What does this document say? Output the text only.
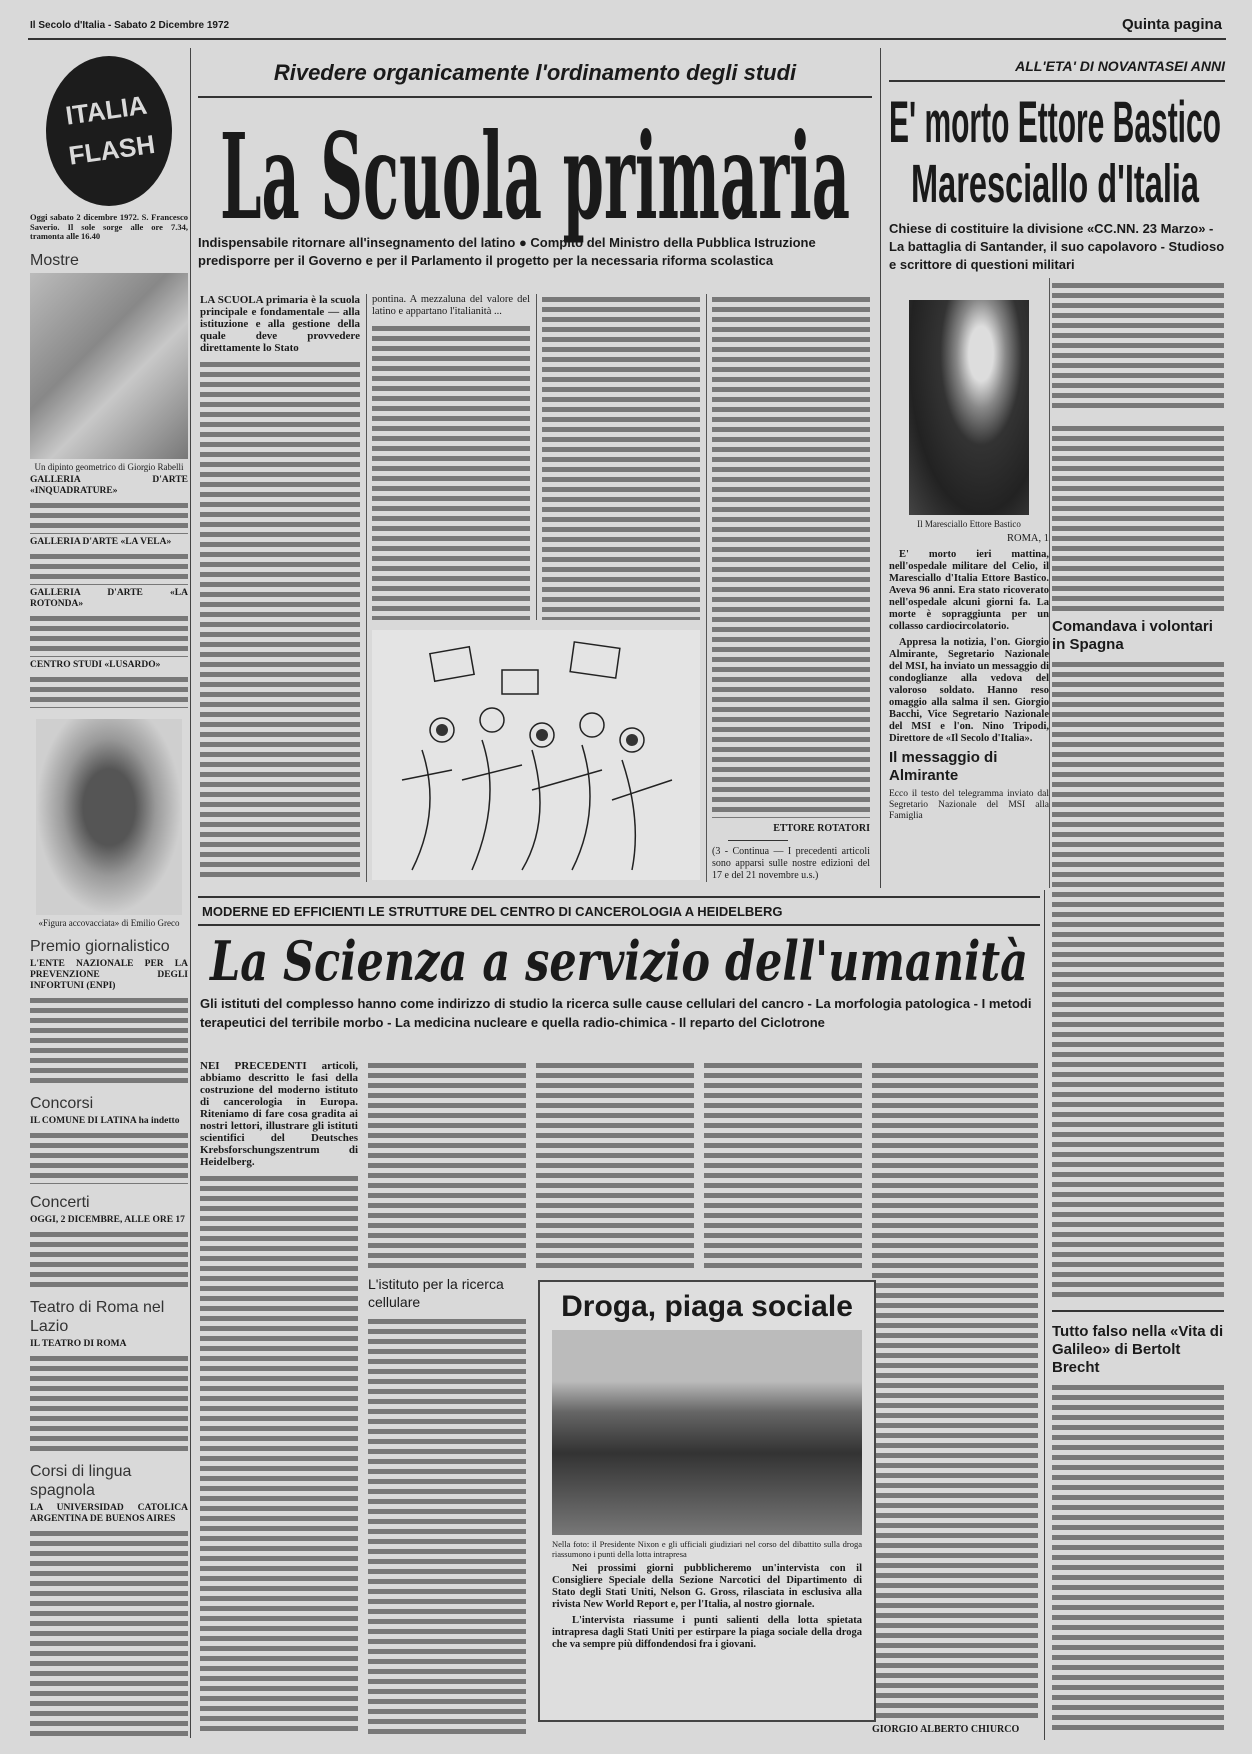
Il Secolo d'Italia - Sabato 2 Dicembre 1972	Quinta pagina
ITALIA FLASH
Oggi sabato 2 dicembre 1972. S. Francesco Saverio. Il sole sorge alle ore 7.34, tramonta alle 16.40
Mostre
Un dipinto geometrico di Giorgio Rabelli
GALLERIA D'ARTE «INQUADRATURE»
GALLERIA D'ARTE «LA VELA»
GALLERIA D'ARTE «LA ROTONDA»
CENTRO STUDI «LUSARDO»
«Figura accovacciata» di Emilio Greco
Premio giornalistico
L'ENTE NAZIONALE PER LA PREVENZIONE DEGLI INFORTUNI (ENPI)
Concorsi
IL COMUNE DI LATINA ha indetto
Concerti
OGGI, 2 DICEMBRE, ALLE ORE 17
Teatro di Roma nel Lazio
IL TEATRO DI ROMA
Corsi di lingua spagnola
LA UNIVERSIDAD CATOLICA ARGENTINA DE BUENOS AIRES
Rivedere organicamente l'ordinamento degli studi
La Scuola primaria
Indispensabile ritornare all'insegnamento del latino ● Compito del Ministro della Pubblica Istruzione predisporre per il Governo e per il Parlamento il progetto per la necessaria riforma scolastica
LA SCUOLA primaria è la scuola principale e fondamentale — alla istituzione e alla gestione della quale deve provvedere direttamente lo Stato
pontina. A mezzaluna del valore del latino e appartano l'italianità ...
ETTORE ROTATORI
(3 - Continua — I precedenti articoli sono apparsi sulle nostre edizioni del 17 e del 21 novembre u.s.)
ALL'ETA' DI NOVANTASEI ANNI
E' morto Ettore Bastico
Maresciallo d'Italia
Chiese di costituire la divisione «CC.NN. 23 Marzo» - La battaglia di Santander, il suo capolavoro - Studioso e scrittore di questioni militari
Il Maresciallo Ettore Bastico
ROMA, 1
E' morto ieri mattina, nell'ospedale militare del Celio, il Maresciallo d'Italia Ettore Bastico. Aveva 96 anni. Era stato ricoverato nell'ospedale alcuni giorni fa. La morte è sopraggiunta per un collasso cardiocircolatorio.
Appresa la notizia, l'on. Giorgio Almirante, Segretario Nazionale del MSI, ha inviato un messaggio di condoglianze alla vedova del valoroso soldato. Hanno reso omaggio alla salma il sen. Giorgio Bacchi, Vice Segretario Nazionale del MSI e l'on. Nino Tripodi, Direttore de «Il Secolo d'Italia».
Il messaggio di Almirante
Ecco il testo del telegramma inviato dal Segretario Nazionale del MSI alla Famiglia
Comandava i volontari in Spagna
Tutto falso nella «Vita di Galileo» di Bertolt Brecht
MODERNE ED EFFICIENTI LE STRUTTURE DEL CENTRO DI CANCEROLOGIA A HEIDELBERG
La Scienza a servizio dell'umanità
Gli istituti del complesso hanno come indirizzo di studio la ricerca sulle cause cellulari del cancro - La morfologia patologica - I metodi terapeutici del terribile morbo - La medicina nucleare e quella radio-chimica - Il reparto del Ciclotrone
NEI PRECEDENTI articoli, abbiamo descritto le fasi della costruzione del moderno istituto di cancerologia in Europa. Riteniamo di fare cosa gradita ai nostri lettori, illustrare gli istituti scientifici del Deutsches Krebsforschungszentrum di Heidelberg.
L'istituto per la ricerca cellulare
GIORGIO ALBERTO CHIURCO
Droga, piaga sociale
Nella foto: il Presidente Nixon e gli ufficiali giudiziari nel corso del dibattito sulla droga riassumono i punti della lotta intrapresa
Nei prossimi giorni pubblicheremo un'intervista con il Consigliere Speciale della Sezione Narcotici del Dipartimento di Stato degli Stati Uniti, Nelson G. Gross, rilasciata in esclusiva alla rivista New World Report e, per l'Italia, al nostro giornale.
L'intervista riassume i punti salienti della lotta spietata intrapresa dagli Stati Uniti per estirpare la piaga sociale della droga che va sempre più diffondendosi fra i giovani.
